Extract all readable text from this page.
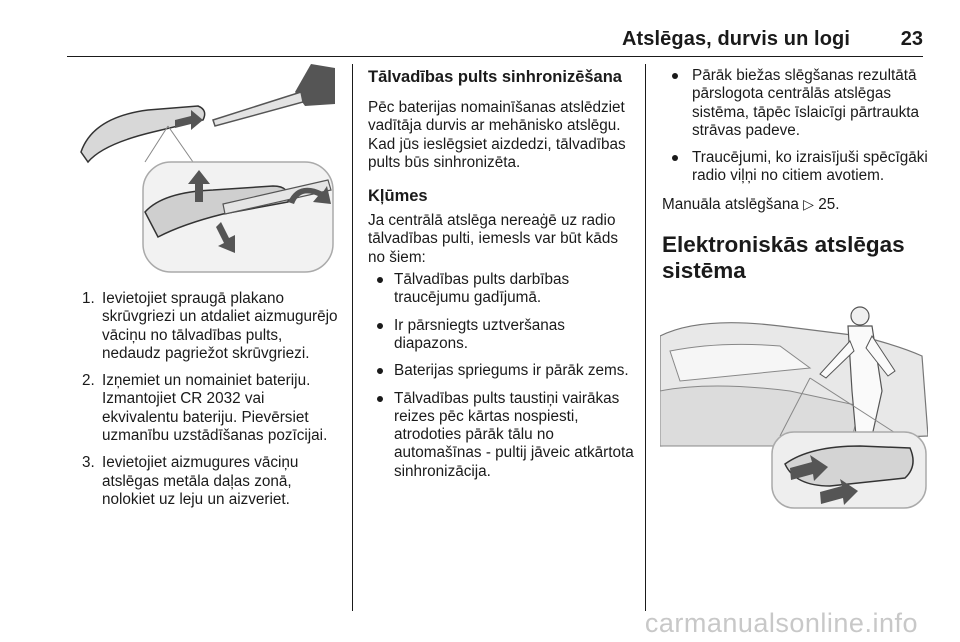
Atslēgas, durvis un logi	23
1. Ievietojiet spraugā plakano skrūvgriezi un atdaliet aizmugurējo vāciņu no tālvadības pults, nedaudz pagriežot skrūvgriezi.
2. Izņemiet un nomainiet bateriju. Izmantojiet CR 2032 vai ekvivalentu bateriju. Pievērsiet uzmanību uzstādīšanas pozīcijai.
3. Ievietojiet aizmugures vāciņu atslēgas metāla daļas zonā, nolokiet uz leju un aizveriet.
Tālvadības pults sinhronizēšana

Pēc baterijas nomainīšanas atslēdziet vadītāja durvis ar mehānisko atslēgu. Kad jūs ieslēgsiet aizdedzi, tālvadības pults būs sinhronizēta.

Kļūmes

Ja centrālā atslēga nereaģē uz radio tālvadības pulti, iemesls var būt kāds no šiem:

Tālvadības pults darbības traucējumu gadījumā.
Ir pārsniegts uztveršanas diapazons.
Baterijas spriegums ir pārāk zems.
Tālvadības pults taustiņi vairākas reizes pēc kārtas nospiesti, atrodoties pārāk tālu no automašīnas - pultij jāveic atkārtota sinhronizācija.
Pārāk biežas slēgšanas rezultātā pārslogota centrālās atslēgas sistēma, tāpēc īslaicīgi pārtraukta strāvas padeve.
Traucējumi, ko izraisījuši spēcīgāki radio viļņi no citiem avotiem.

Manuāla atslēgšana ▷ 25.

Elektroniskās atslēgas sistēma
carmanualsonline.info
